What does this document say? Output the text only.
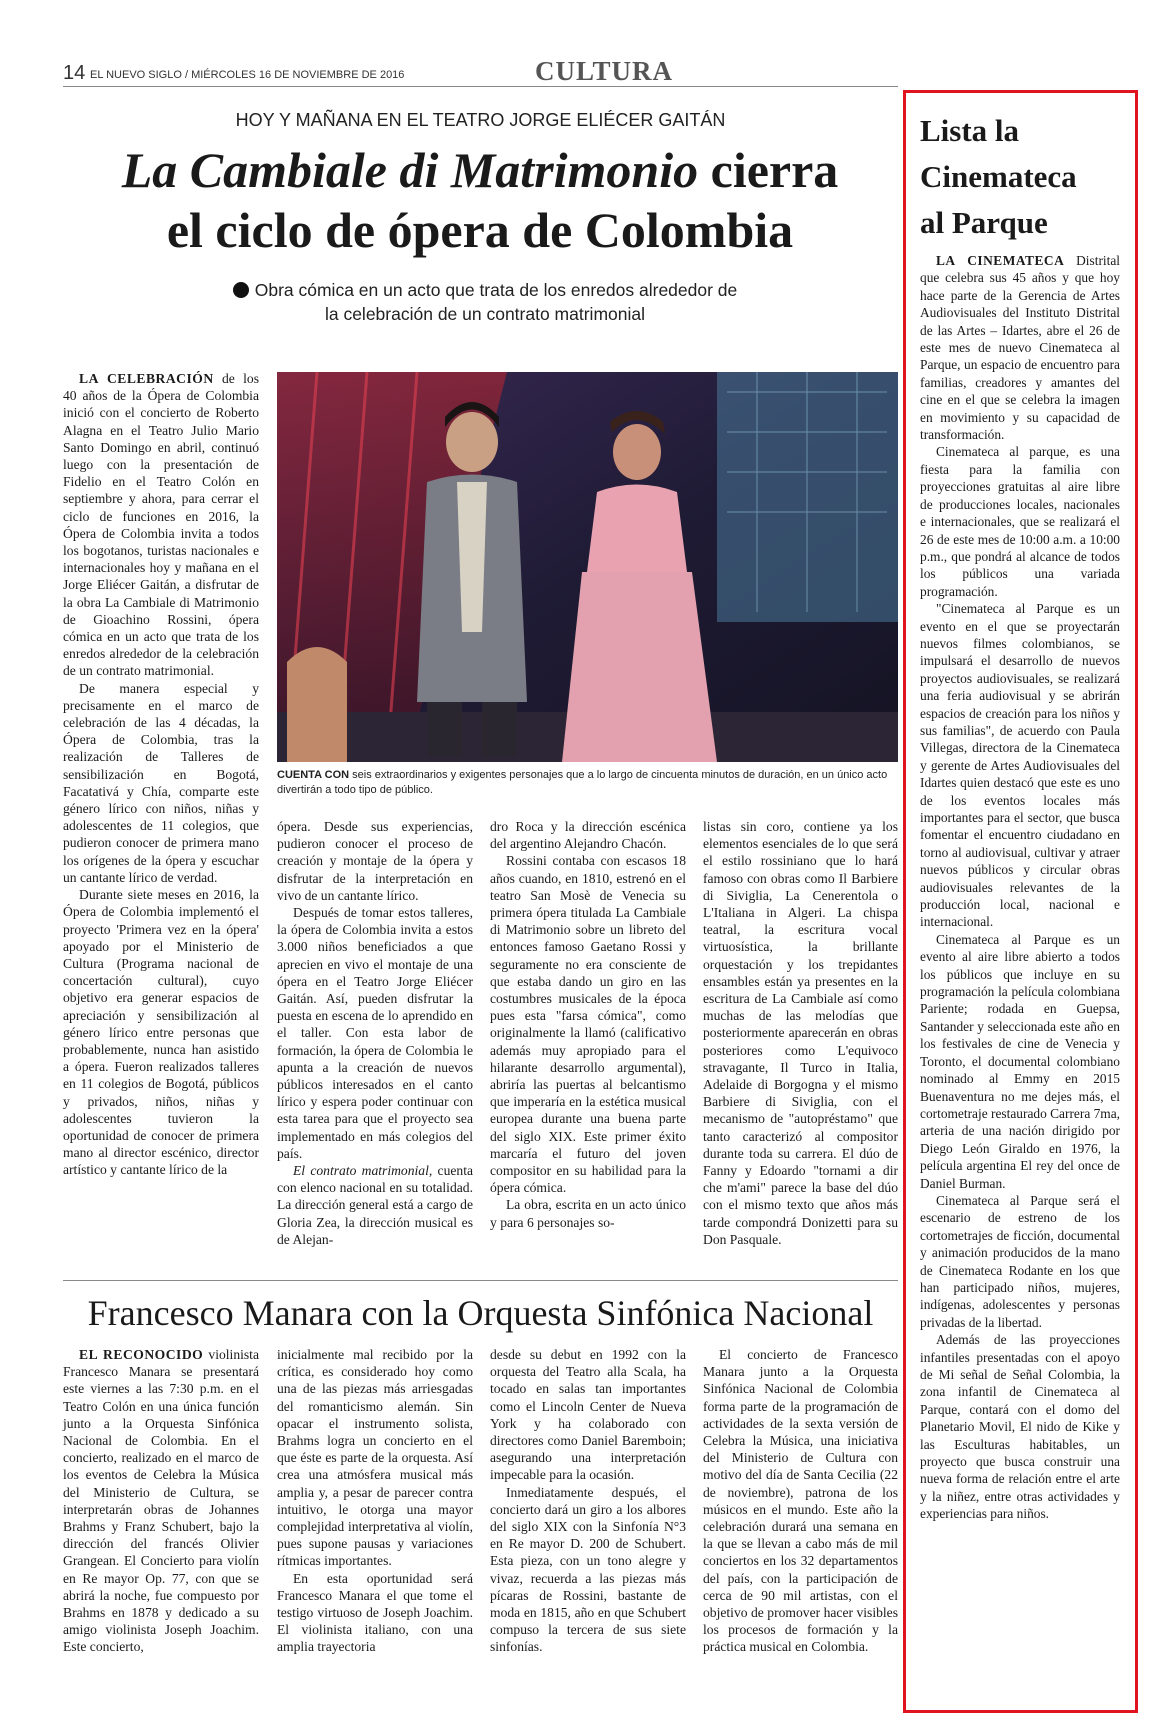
14 EL NUEVO SIGLO / MIÉRCOLES 16 DE NOVIEMBRE DE 2016	CULTURA
HOY Y MAÑANA EN EL TEATRO JORGE ELIÉCER GAITÁN
La Cambiale di Matrimonio cierra
el ciclo de ópera de Colombia
Obra cómica en un acto que trata de los enredos alrededor de
la celebración de un contrato matrimonial
CUENTA CON seis extraordinarios y exigentes personajes que a lo largo de cincuenta minutos de duración, en un único acto divertirán a todo tipo de público.

LA CELEBRACIÓN de los 40 años de la Ópera de Colombia inició con el concierto de Roberto Alagna en el Teatro Julio Mario Santo Domingo en abril, continuó luego con la presentación de Fidelio en el Teatro Colón en septiembre y ahora, para cerrar el ciclo de funciones en 2016, la Ópera de Colombia invita a todos los bogotanos, turistas nacionales e internacionales hoy y mañana en el Jorge Eliécer Gaitán, a disfrutar de la obra La Cambiale di Matrimonio de Gioachino Rossini, ópera cómica en un acto que trata de los enredos alrededor de la celebración de un contrato matrimonial.

De manera especial y precisamente en el marco de celebración de las 4 décadas, la Ópera de Colombia, tras la realización de Talleres de sensibilización en Bogotá, Facatativá y Chía, comparte este género lírico con niños, niñas y adolescentes de 11 colegios, que pudieron conocer de primera mano los orígenes de la ópera y escuchar un cantante lírico de verdad.

Durante siete meses en 2016, la Ópera de Colombia implementó el proyecto 'Primera vez en la ópera' apoyado por el Ministerio de Cultura (Programa nacional de concertación cultural), cuyo objetivo era generar espacios de apreciación y sensibilización al género lírico entre personas que probablemente, nunca han asistido a ópera. Fueron realizados talleres en 11 colegios de Bogotá, públicos y privados, niños, niñas y adolescentes tuvieron la oportunidad de conocer de primera mano al director escénico, director artístico y cantante lírico de la

ópera. Desde sus experiencias, pudieron conocer el proceso de creación y montaje de la ópera y disfrutar de la interpretación en vivo de un cantante lírico.

Después de tomar estos talleres, la ópera de Colombia invita a estos 3.000 niños beneficiados a que aprecien en vivo el montaje de una ópera en el Teatro Jorge Eliécer Gaitán. Así, pueden disfrutar la puesta en escena de lo aprendido en el taller. Con esta labor de formación, la ópera de Colombia le apunta a la creación de nuevos públicos interesados en el canto lírico y espera poder continuar con esta tarea para que el proyecto sea implementado en más colegios del país.

El contrato matrimonial, cuenta con elenco nacional en su totalidad. La dirección general está a cargo de Gloria Zea, la dirección musical es de Alejan-

dro Roca y la dirección escénica del argentino Alejandro Chacón.

Rossini contaba con escasos 18 años cuando, en 1810, estrenó en el teatro San Mosè de Venecia su primera ópera titulada La Cambiale di Matrimonio sobre un libreto del entonces famoso Gaetano Rossi y seguramente no era consciente de que estaba dando un giro en las costumbres musicales de la época pues esta "farsa cómica", como originalmente la llamó (calificativo además muy apropiado para el hilarante desarrollo argumental), abriría las puertas al belcantismo que imperaría en la estética musical europea durante una buena parte del siglo XIX. Este primer éxito marcaría el futuro del joven compositor en su habilidad para la ópera cómica.

La obra, escrita en un acto único y para 6 personajes so-

listas sin coro, contiene ya los elementos esenciales de lo que será el estilo rossiniano que lo hará famoso con obras como Il Barbiere di Siviglia, La Cenerentola o L'Italiana in Algeri. La chispa teatral, la escritura vocal virtuosística, la brillante orquestación y los trepidantes ensambles están ya presentes en la escritura de La Cambiale así como muchas de las melodías que posteriormente aparecerán en obras posteriores como L'equivoco stravagante, Il Turco in Italia, Adelaide di Borgogna y el mismo Barbiere di Siviglia, con el mecanismo de "autopréstamo" que tanto caracterizó al compositor durante toda su carrera. El dúo de Fanny y Edoardo "tornami a dir che m'ami" parece la base del dúo con el mismo texto que años más tarde compondrá Donizetti para su Don Pasquale.

Francesco Manara con la Orquesta Sinfónica Nacional

EL RECONOCIDO violinista Francesco Manara se presentará este viernes a las 7:30 p.m. en el Teatro Colón en una única función junto a la Orquesta Sinfónica Nacional de Colombia. En el concierto, realizado en el marco de los eventos de Celebra la Música del Ministerio de Cultura, se interpretarán obras de Johannes Brahms y Franz Schubert, bajo la dirección del francés Olivier Grangean. El Concierto para violín en Re mayor Op. 77, con que se abrirá la noche, fue compuesto por Brahms en 1878 y dedicado a su amigo violinista Joseph Joachim. Este concierto,

inicialmente mal recibido por la crítica, es considerado hoy como una de las piezas más arriesgadas del romanticismo alemán. Sin opacar el instrumento solista, Brahms logra un concierto en el que éste es parte de la orquesta. Así crea una atmósfera musical más amplia y, a pesar de parecer contra intuitivo, le otorga una mayor complejidad interpretativa al violín, pues supone pausas y variaciones rítmicas importantes.

En esta oportunidad será Francesco Manara el que tome el testigo virtuoso de Joseph Joachim. El violinista italiano, con una amplia trayectoria

desde su debut en 1992 con la orquesta del Teatro alla Scala, ha tocado en salas tan importantes como el Lincoln Center de Nueva York y ha colaborado con directores como Daniel Baremboin; asegurando una interpretación impecable para la ocasión.

Inmediatamente después, el concierto dará un giro a los albores del siglo XIX con la Sinfonía N°3 en Re mayor D. 200 de Schubert. Esta pieza, con un tono alegre y vivaz, recuerda a las piezas más pícaras de Rossini, bastante de moda en 1815, año en que Schubert compuso la tercera de sus siete sinfonías.

El concierto de Francesco Manara junto a la Orquesta Sinfónica Nacional de Colombia forma parte de la programación de actividades de la sexta versión de Celebra la Música, una iniciativa del Ministerio de Cultura con motivo del día de Santa Cecilia (22 de noviembre), patrona de los músicos en el mundo. Este año la celebración durará una semana en la que se llevan a cabo más de mil conciertos en los 32 departamentos del país, con la participación de cerca de 90 mil artistas, con el objetivo de promover hacer visibles los procesos de formación y la práctica musical en Colombia.

Lista la
Cinemateca
al Parque

LA CINEMATECA Distrital que celebra sus 45 años y que hoy hace parte de la Gerencia de Artes Audiovisuales del Instituto Distrital de las Artes – Idartes, abre el 26 de este mes de nuevo Cinemateca al Parque, un espacio de encuentro para familias, creadores y amantes del cine en el que se celebra la imagen en movimiento y su capacidad de transformación.

Cinemateca al parque, es una fiesta para la familia con proyecciones gratuitas al aire libre de producciones locales, nacionales e internacionales, que se realizará el 26 de este mes de 10:00 a.m. a 10:00 p.m., que pondrá al alcance de todos los públicos una variada programación.

"Cinemateca al Parque es un evento en el que se proyectarán nuevos filmes colombianos, se impulsará el desarrollo de nuevos proyectos audiovisuales, se realizará una feria audiovisual y se abrirán espacios de creación para los niños y sus familias", de acuerdo con Paula Villegas, directora de la Cinemateca y gerente de Artes Audiovisuales del Idartes quien destacó que este es uno de los eventos locales más importantes para el sector, que busca fomentar el encuentro ciudadano en torno al audiovisual, cultivar y atraer nuevos públicos y circular obras audiovisuales relevantes de la producción local, nacional e internacional.

Cinemateca al Parque es un evento al aire libre abierto a todos los públicos que incluye en su programación la película colombiana Pariente; rodada en Guepsa, Santander y seleccionada este año en los festivales de cine de Venecia y Toronto, el documental colombiano nominado al Emmy en 2015 Buenaventura no me dejes más, el cortometraje restaurado Carrera 7ma, arteria de una nación dirigido por Diego León Giraldo en 1976, la película argentina El rey del once de Daniel Burman.

Cinemateca al Parque será el escenario de estreno de los cortometrajes de ficción, documental y animación producidos de la mano de Cinemateca Rodante en los que han participado niños, mujeres, indígenas, adolescentes y personas privadas de la libertad.

Además de las proyecciones infantiles presentadas con el apoyo de Mi señal de Señal Colombia, la zona infantil de Cinemateca al Parque, contará con el domo del Planetario Movil, El nido de Kike y las Esculturas habitables, un proyecto que busca construir una nueva forma de relación entre el arte y la niñez, entre otras actividades y experiencias para niños.
